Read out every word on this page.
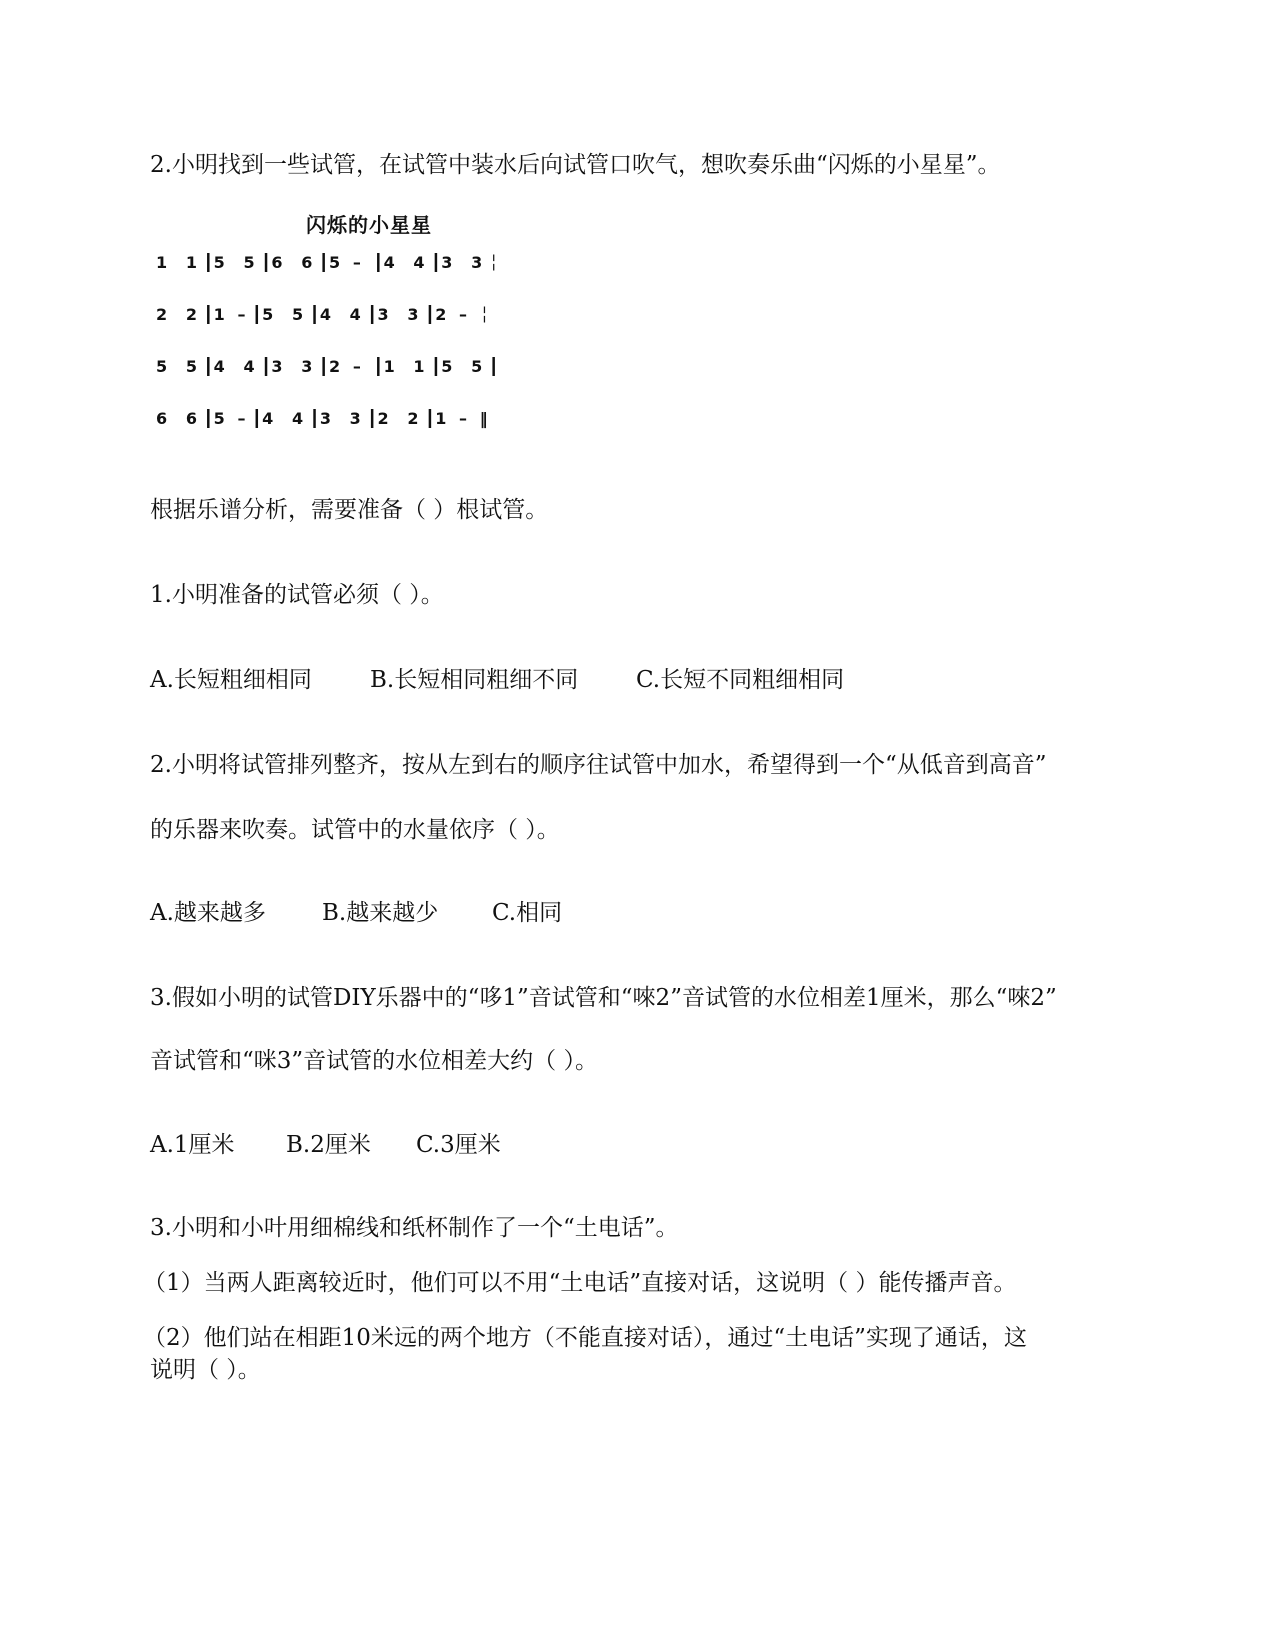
2.小明找到一些试管，在试管中装水后向试管口吹气，想吹奏乐曲“闪烁的小星星”。
闪烁的小星星
1   1 ┃5   5 ┃6   6 ┃5  –  ┃4   4 ┃3   3 ╎
2   2 ┃1  – ┃5   5 ┃4   4 ┃3   3 ┃2  –  ╎
5   5 ┃4   4 ┃3   3 ┃2  –  ┃1   1 ┃5   5 ┃
6   6 ┃5  – ┃4   4 ┃3   3 ┃2   2 ┃1  –  ‖
根据乐谱分析，需要准备（ ）根试管。
1.小明准备的试管必须（ ）。
A.长短粗细相同	B.长短相同粗细不同	C.长短不同粗细相同
2.小明将试管排列整齐，按从左到右的顺序往试管中加水，希望得到一个“从低音到高音”
的乐器来吹奏。试管中的水量依序（ ）。
A.越来越多 B.越来越少 C.相同
3.假如小明的试管DIY乐器中的“哆1”音试管和“唻2”音试管的水位相差1厘米，那么“唻2”
音试管和“咪3”音试管的水位相差大约（ ）。
A.1厘米 B.2厘米 C.3厘米
3.小明和小叶用细棉线和纸杯制作了一个“土电话”。
（1）当两人距离较近时，他们可以不用“土电话”直接对话，这说明（ ）能传播声音。
（2）他们站在相距10米远的两个地方（不能直接对话），通过“土电话”实现了通话，这
说明（ ）。
